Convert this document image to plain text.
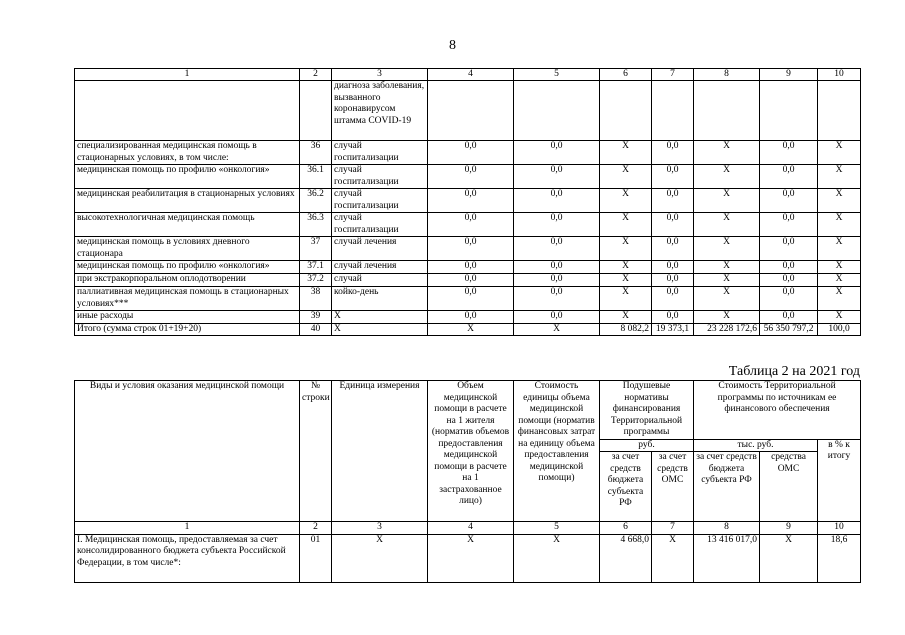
8
1	2	3	4	5	6	7	8	9	10
		диагноза заболевания, вызванного коронавирусом штамма COVID-19							
специализированная медицинская помощь в стационарных условиях, в том числе:	36	случай госпитализации	0,0	0,0	X	0,0	X	0,0	X
медицинская помощь по профилю «онкология»	36.1	случай госпитализации	0,0	0,0	X	0,0	X	0,0	X
медицинская реабилитация в стационарных условиях	36.2	случай госпитализации	0,0	0,0	X	0,0	X	0,0	X
высокотехнологичная медицинская помощь	36.3	случай госпитализации	0,0	0,0	X	0,0	X	0,0	X
медицинская помощь в условиях дневного стационара	37	случай лечения	0,0	0,0	X	0,0	X	0,0	X
медицинская помощь по профилю «онкология»	37.1	случай лечения	0,0	0,0	X	0,0	X	0,0	X
при экстракорпоральном оплодотворении	37.2	случай	0,0	0,0	X	0,0	X	0,0	X
паллиативная медицинская помощь в стационарных условиях***	38	койко-день	0,0	0,0	X	0,0	X	0,0	X
иные расходы	39	X	0,0	0,0	X	0,0	X	0,0	X
Итого (сумма строк 01+19+20)	40	X	X	X	8 082,2	19 373,1	23 228 172,6	56 350 797,2	100,0
Таблица 2 на 2021 год
Виды и условия оказания медицинской помощи	№ строки	Единица измерения	Объем медицинской помощи в расчете на 1 жителя (норматив объемов предоставления медицинской помощи в расчете на 1 застрахованное лицо)	Стоимость единицы объема медицинской помощи (норматив финансовых затрат на единицу объема предоставления медицинской помощи)	Подушевые нормативы финансирования Территориальной программы		Стоимость Территориальной программы по источникам ее финансового обеспечения		
					руб.		тыс. руб.		в % к итогу
					за счет средств бюджета субъекта РФ	за счет средств ОМС	за счет средств бюджета субъекта РФ	средства ОМС	
1	2	3	4	5	6	7	8	9	10
I. Медицинская помощь, предоставляемая за счет консолидированного бюджета субъекта Российской Федерации, в том числе*:	01	X	X	X	4 668,0	X	13 416 017,0	X	18,6
